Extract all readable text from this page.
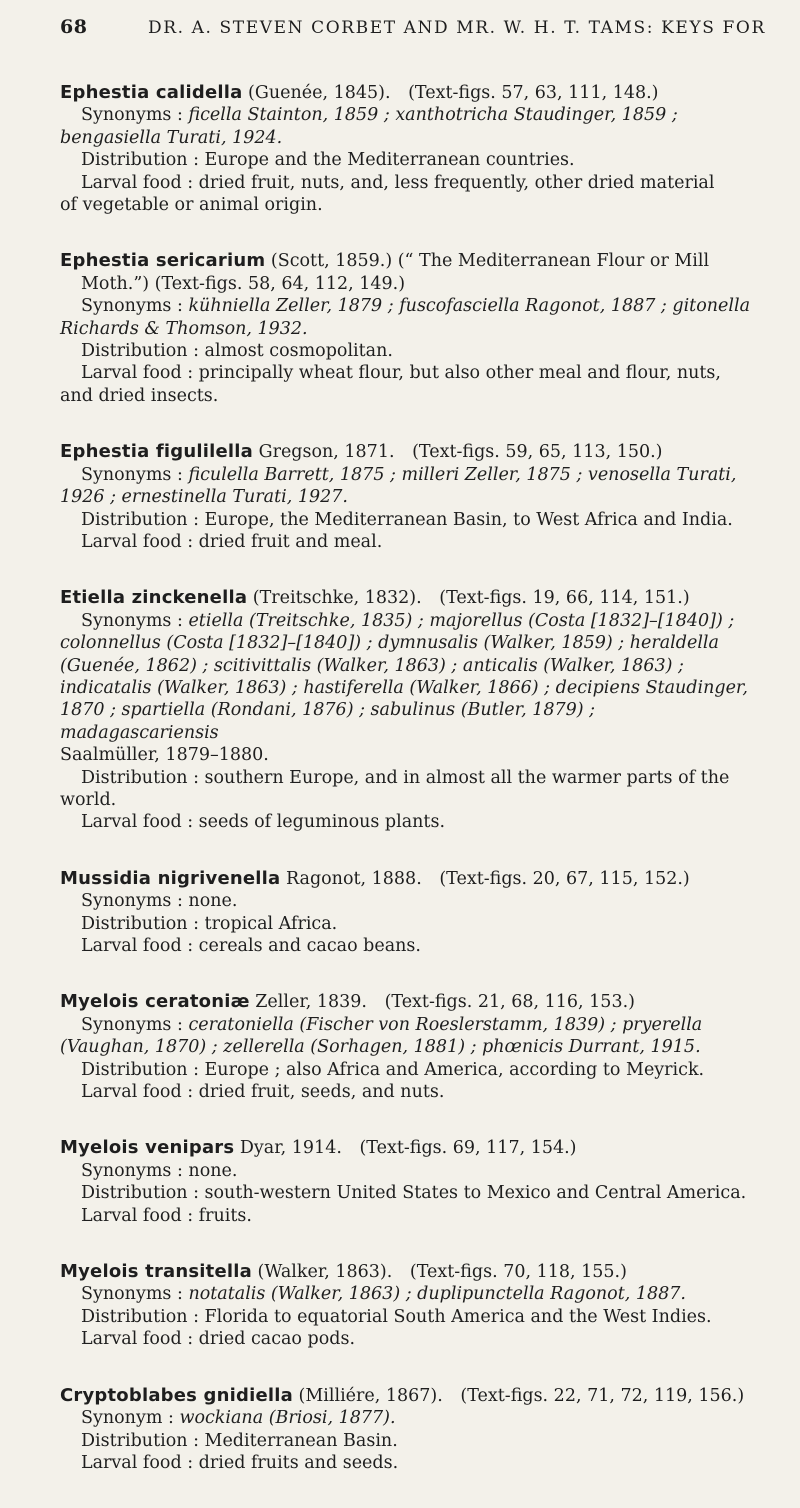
68	DR. A. STEVEN CORBET AND MR. W. H. T. TAMS: KEYS FOR

Ephestia calidella (Guenée, 1845). (Text-figs. 57, 63, 111, 148.)

Synonyms : ficella Stainton, 1859 ; xanthotricha Staudinger, 1859 ;

bengasiella Turati, 1924.

Distribution : Europe and the Mediterranean countries.

Larval food : dried fruit, nuts, and, less frequently, other dried material

of vegetable or animal origin.

Ephestia sericarium (Scott, 1859.) (“ The Mediterranean Flour or Mill

Moth.”) (Text-figs. 58, 64, 112, 149.)

Synonyms : kühniella Zeller, 1879 ; fuscofasciella Ragonot, 1887 ; gitonella

Richards & Thomson, 1932.

Distribution : almost cosmopolitan.

Larval food : principally wheat flour, but also other meal and flour, nuts,

and dried insects.

Ephestia figulilella Gregson, 1871. (Text-figs. 59, 65, 113, 150.)

Synonyms : ficulella Barrett, 1875 ; milleri Zeller, 1875 ; venosella Turati,

1926 ; ernestinella Turati, 1927.

Distribution : Europe, the Mediterranean Basin, to West Africa and India.

Larval food : dried fruit and meal.

Etiella zinckenella (Treitschke, 1832). (Text-figs. 19, 66, 114, 151.)

Synonyms : etiella (Treitschke, 1835) ; majorellus (Costa [1832]–[1840]) ;

colonnellus (Costa [1832]–[1840]) ; dymnusalis (Walker, 1859) ; heraldella

(Guenée, 1862) ; scitivittalis (Walker, 1863) ; anticalis (Walker, 1863) ;

indicatalis (Walker, 1863) ; hastiferella (Walker, 1866) ; decipiens Staudinger,

1870 ; spartiella (Rondani, 1876) ; sabulinus (Butler, 1879) ; madagascariensis

Saalmüller, 1879–1880.

Distribution : southern Europe, and in almost all the warmer parts of the

world.

Larval food : seeds of leguminous plants.

Mussidia nigrivenella Ragonot, 1888. (Text-figs. 20, 67, 115, 152.)

Synonyms : none.

Distribution : tropical Africa.

Larval food : cereals and cacao beans.

Myelois ceratoniæ Zeller, 1839. (Text-figs. 21, 68, 116, 153.)

Synonyms : ceratoniella (Fischer von Roeslerstamm, 1839) ; pryerella

(Vaughan, 1870) ; zellerella (Sorhagen, 1881) ; phœnicis Durrant, 1915.

Distribution : Europe ; also Africa and America, according to Meyrick.

Larval food : dried fruit, seeds, and nuts.

Myelois venipars Dyar, 1914. (Text-figs. 69, 117, 154.)

Synonyms : none.

Distribution : south-western United States to Mexico and Central America.

Larval food : fruits.

Myelois transitella (Walker, 1863). (Text-figs. 70, 118, 155.)

Synonyms : notatalis (Walker, 1863) ; duplipunctella Ragonot, 1887.

Distribution : Florida to equatorial South America and the West Indies.

Larval food : dried cacao pods.

Cryptoblabes gnidiella (Milliére, 1867). (Text-figs. 22, 71, 72, 119, 156.)

Synonym : wockiana (Briosi, 1877).

Distribution : Mediterranean Basin.

Larval food : dried fruits and seeds.
